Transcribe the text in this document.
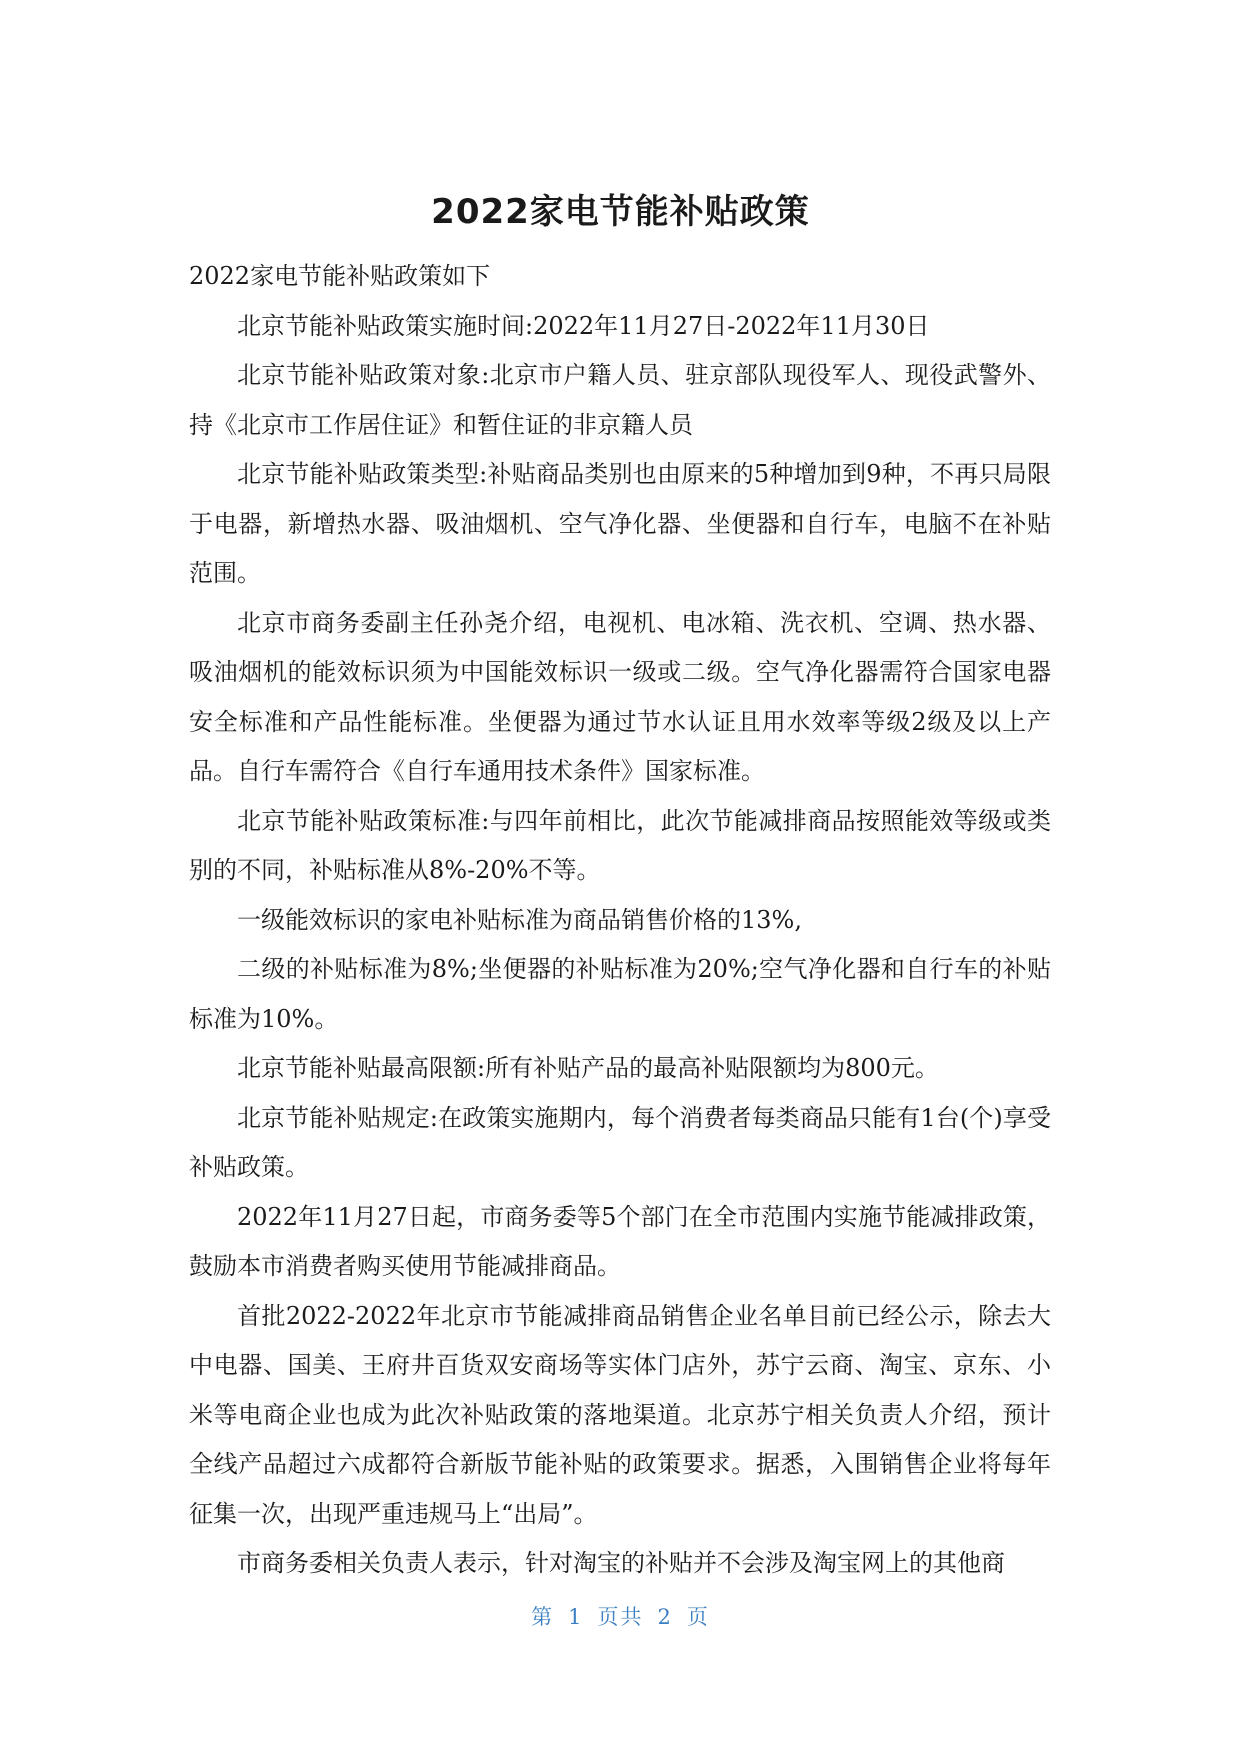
2022家电节能补贴政策

2022家电节能补贴政策如下

北京节能补贴政策实施时间:2022年11月27日-2022年11月30日

北京节能补贴政策对象:北京市户籍人员、驻京部队现役军人、现役武警外、持《北京市工作居住证》和暂住证的非京籍人员

北京节能补贴政策类型:补贴商品类别也由原来的5种增加到9种，不再只局限于电器，新增热水器、吸油烟机、空气净化器、坐便器和自行车，电脑不在补贴范围。

北京市商务委副主任孙尧介绍，电视机、电冰箱、洗衣机、空调、热水器、吸油烟机的能效标识须为中国能效标识一级或二级。空气净化器需符合国家电器安全标准和产品性能标准。坐便器为通过节水认证且用水效率等级2级及以上产品。自行车需符合《自行车通用技术条件》国家标准。

北京节能补贴政策标准:与四年前相比，此次节能减排商品按照能效等级或类别的不同，补贴标准从8%-20%不等。

一级能效标识的家电补贴标准为商品销售价格的13%,

二级的补贴标准为8%;坐便器的补贴标准为20%;空气净化器和自行车的补贴标准为10%。

北京节能补贴最高限额:所有补贴产品的最高补贴限额均为800元。

北京节能补贴规定:在政策实施期内，每个消费者每类商品只能有1台(个)享受补贴政策。

2022年11月27日起，市商务委等5个部门在全市范围内实施节能减排政策，鼓励本市消费者购买使用节能减排商品。

首批2022-2022年北京市节能减排商品销售企业名单目前已经公示，除去大中电器、国美、王府井百货双安商场等实体门店外，苏宁云商、淘宝、京东、小米等电商企业也成为此次补贴政策的落地渠道。北京苏宁相关负责人介绍，预计全线产品超过六成都符合新版节能补贴的政策要求。据悉，入围销售企业将每年征集一次，出现严重违规马上“出局”。

市商务委相关负责人表示，针对淘宝的补贴并不会涉及淘宝网上的其他商

第 1 页共 2 页
